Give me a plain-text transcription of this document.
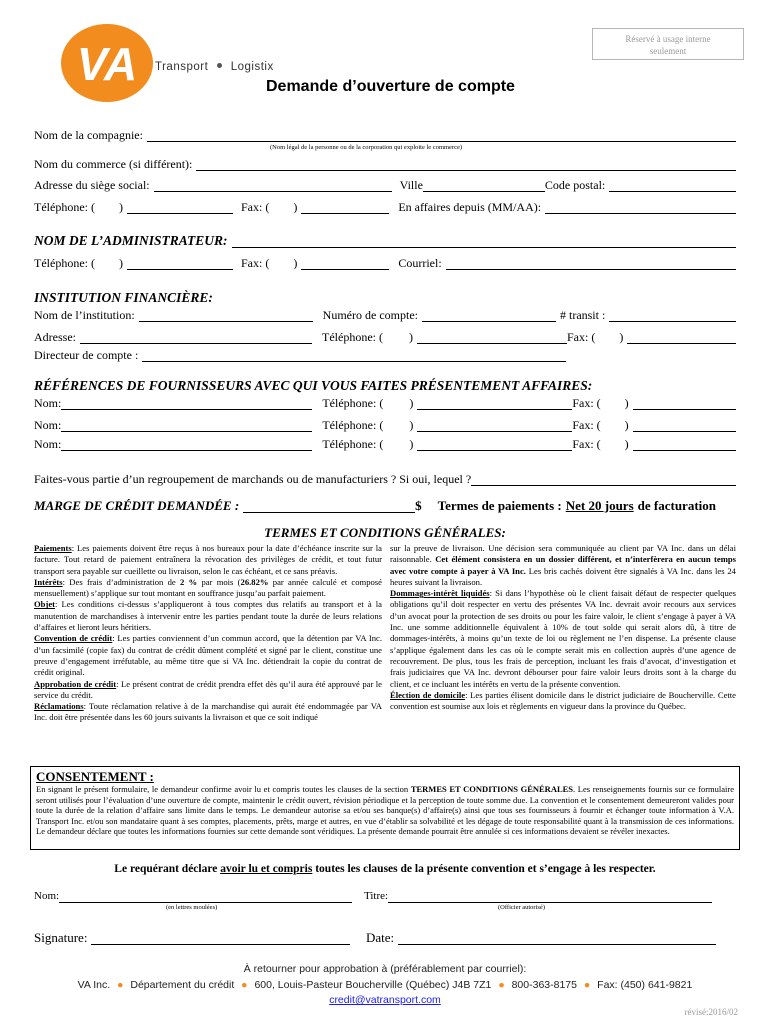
Réservé à usage interne
seulement
VA Transport Logistix
Demande d’ouverture de compte
Nom de la compagnie:
(Nom légal de la personne ou de la corporation qui exploite le commerce)
Nom du commerce (si différent):
Adresse du siège social:	Ville	Code postal:
Téléphone: ( )	Fax: ( )	En affaires depuis (MM/AA):
NOM DE L’ADMINISTRATEUR:
Téléphone: ( )	Fax: ( )	Courriel:
INSTITUTION FINANCIÈRE:
Nom de l’institution:	Numéro de compte:	# transit :
Adresse:	Téléphone: ( )	Fax: ( )
Directeur de compte :
RÉFÉRENCES DE FOURNISSEURS AVEC QUI VOUS FAITES PRÉSENTEMENT AFFAIRES:
Nom:	Téléphone: ( )	Fax: ( )
Nom:	Téléphone: ( )	Fax: ( )
Nom:	Téléphone: ( )	Fax: ( )
Faites-vous partie d’un regroupement de marchands ou de manufacturiers ? Si oui, lequel ?
MARGE DE CRÉDIT DEMANDÉE :	$ Termes de paiements : Net 20 jours de facturation
TERMES ET CONDITIONS GÉNÉRALES:

Paiements: Les paiements doivent être reçus à nos bureaux pour la date d’échéance inscrite sur la facture. Tout retard de paiement entraînera la révocation des privilèges de crédit, et tout futur transport sera payable sur cueillette ou livraison, selon le cas échéant, et ce sans préavis.

Intérêts: Des frais d’administration de 2 % par mois (26.82% par année calculé et composé mensuellement) s’applique sur tout montant en souffrance jusqu’au parfait paiement.

Objet: Les conditions ci-dessus s’appliqueront à tous comptes dus relatifs au transport et à la manutention de marchandises à intervenir entre les parties pendant toute la durée de leurs relations d’affaires et lieront leurs héritiers.

Convention de crédit: Les parties conviennent d’un commun accord, que la détention par VA Inc. d’un facsimilé (copie fax) du contrat de crédit dûment complété et signé par le client, constitue une preuve d’engagement irréfutable, au même titre que si VA Inc. détiendrait la copie du contrat de crédit original.

Approbation de crédit: Le présent contrat de crédit prendra effet dès qu’il aura été approuvé par le service du crédit.

Réclamations: Toute réclamation relative à de la marchandise qui aurait été endommagée par VA Inc. doit être présentée dans les 60 jours suivants la livraison et que ce soit indiqué

sur la preuve de livraison. Une décision sera communiquée au client par VA Inc. dans un délai raisonnable. Cet élément consistera en un dossier différent, et n’interfèrera en aucun temps avec votre compte à payer à VA Inc. Les bris cachés doivent être signalés à VA Inc. dans les 24 heures suivant la livraison.

Dommages-intérêt liquidés: Si dans l’hypothèse où le client faisait défaut de respecter quelques obligations qu’il doit respecter en vertu des présentes VA Inc. devrait avoir recours aux services d’un avocat pour la protection de ses droits ou pour les faire valoir, le client s’engage à payer à VA Inc. une somme additionnelle équivalent à 10% de tout solde qui serait alors dû, à titre de dommages-intérêts, à moins qu’un texte de loi ou règlement ne l’en dispense. La présente clause s’applique également dans les cas où le compte serait mis en collection auprès d’une agence de recouvrement. De plus, tous les frais de perception, incluant les frais d’avocat, d’investigation et frais judiciaires que VA Inc. devront débourser pour faire valoir leurs droits sont à la charge du client, et ce incluant les intérêts en vertu de la présente convention.

Élection de domicile: Les parties élisent domicile dans le district judiciaire de Boucherville. Cette convention est soumise aux lois et règlements en vigueur dans la province du Québec.

CONSENTEMENT :
En signant le présent formulaire, le demandeur confirme avoir lu et compris toutes les clauses de la section TERMES ET CONDITIONS GÉNÉRALES. Les renseignements fournis sur ce formulaire seront utilisés pour l’évaluation d’une ouverture de compte, maintenir le crédit ouvert, révision périodique et la perception de toute somme due. La convention et le consentement demeureront valides pour toute la durée de la relation d’affaire sans limite dans le temps. Le demandeur autorise sa et/ou ses banque(s) d’affaire(s) ainsi que tous ses fournisseurs à fournir et échanger toute information à V.A. Transport Inc. et/ou son mandataire quant à ses comptes, placements, prêts, marge et autres, en vue d’établir sa solvabilité et les dégage de toute responsabilité quant à la transmission de ces informations. Le demandeur déclare que toutes les informations fournies sur cette demande sont véridiques. La présente demande pourrait être annulée si ces informations devaient se révéler inexactes.
Le requérant déclare avoir lu et compris toutes les clauses de la présente convention et s’engage à les respecter.
Nom:
(en lettres moulées)
Titre:
(Officier autorisé)
Signature:	Date:
À retourner pour approbation à (préférablement par courriel):
VA Inc. ● Département du crédit ● 600, Louis-Pasteur Boucherville (Québec) J4B 7Z1 ● 800-363-8175 ● Fax: (450) 641-9821
credit@vatransport.com
révisé:2016/02
